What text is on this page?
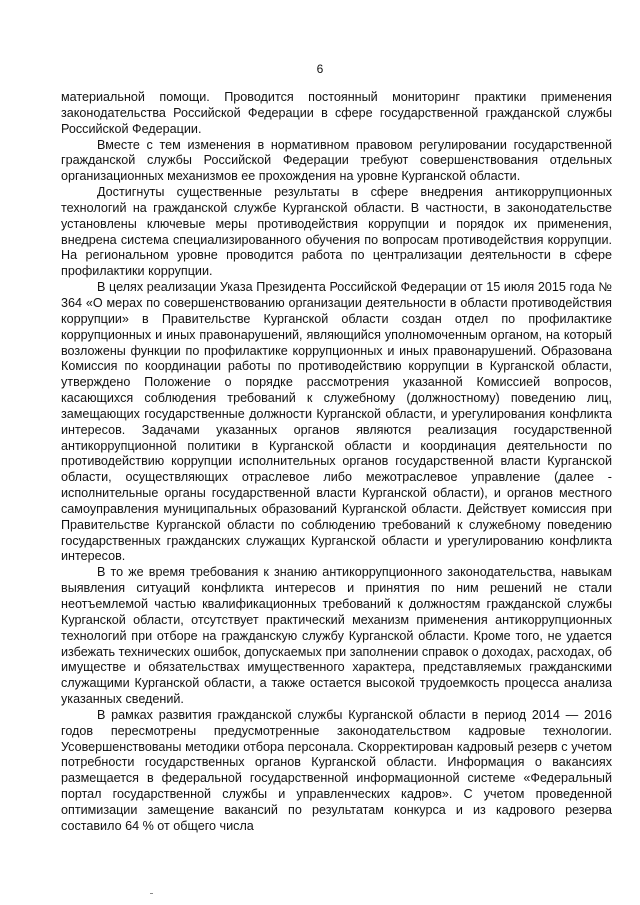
6

материальной помощи. Проводится постоянный мониторинг практики применения законодательства Российской Федерации в сфере государственной гражданской службы Российской Федерации.

Вместе с тем изменения в нормативном правовом регулировании государственной гражданской службы Российской Федерации требуют совершенствования отдельных организационных механизмов ее прохождения на уровне Курганской области.

Достигнуты существенные результаты в сфере внедрения антикоррупционных технологий на гражданской службе Курганской области. В частности, в законодательстве установлены ключевые меры противодействия коррупции и порядок их применения, внедрена система специализированного обучения по вопросам противодействия коррупции. На региональном уровне проводится работа по централизации деятельности в сфере профилактики коррупции.

В целях реализации Указа Президента Российской Федерации от 15 июля 2015 года № 364 «О мерах по совершенствованию организации деятельности в области противодействия коррупции» в Правительстве Курганской области создан отдел по профилактике коррупционных и иных правонарушений, являющийся уполномоченным органом, на который возложены функции по профилактике коррупционных и иных правонарушений. Образована Комиссия по координации работы по противодействию коррупции в Курганской области, утверждено Положение о порядке рассмотрения указанной Комиссией вопросов, касающихся соблюдения требований к служебному (должностному) поведению лиц, замещающих государственные должности Курганской области, и урегулирования конфликта интересов. Задачами указанных органов являются реализация государственной антикоррупционной политики в Курганской области и координация деятельности по противодействию коррупции исполнительных органов государственной власти Курганской области, осуществляющих отраслевое либо межотраслевое управление (далее - исполнительные органы государственной власти Курганской области), и органов местного самоуправления муниципальных образований Курганской области. Действует комиссия при Правительстве Курганской области по соблюдению требований к служебному поведению государственных гражданских служащих Курганской области и урегулированию конфликта интересов.

В то же время требования к знанию антикоррупционного законодательства, навыкам выявления ситуаций конфликта интересов и принятия по ним решений не стали неотъемлемой частью квалификационных требований к должностям гражданской службы Курганской области, отсутствует практический механизм применения антикоррупционных технологий при отборе на гражданскую службу Курганской области. Кроме того, не удается избежать технических ошибок, допускаемых при заполнении справок о доходах, расходах, об имуществе и обязательствах имущественного характера, представляемых гражданскими служащими Курганской области, а также остается высокой трудоемкость процесса анализа указанных сведений.

В рамках развития гражданской службы Курганской области в период 2014 — 2016 годов пересмотрены предусмотренные законодательством кадровые технологии. Усовершенствованы методики отбора персонала. Скорректирован кадровый резерв с учетом потребности государственных органов Курганской области. Информация о вакансиях размещается в федеральной государственной информационной системе «Федеральный портал государственной службы и управленческих кадров». С учетом проведенной оптимизации замещение вакансий по результатам конкурса и из кадрового резерва составило 64 % от общего числа
